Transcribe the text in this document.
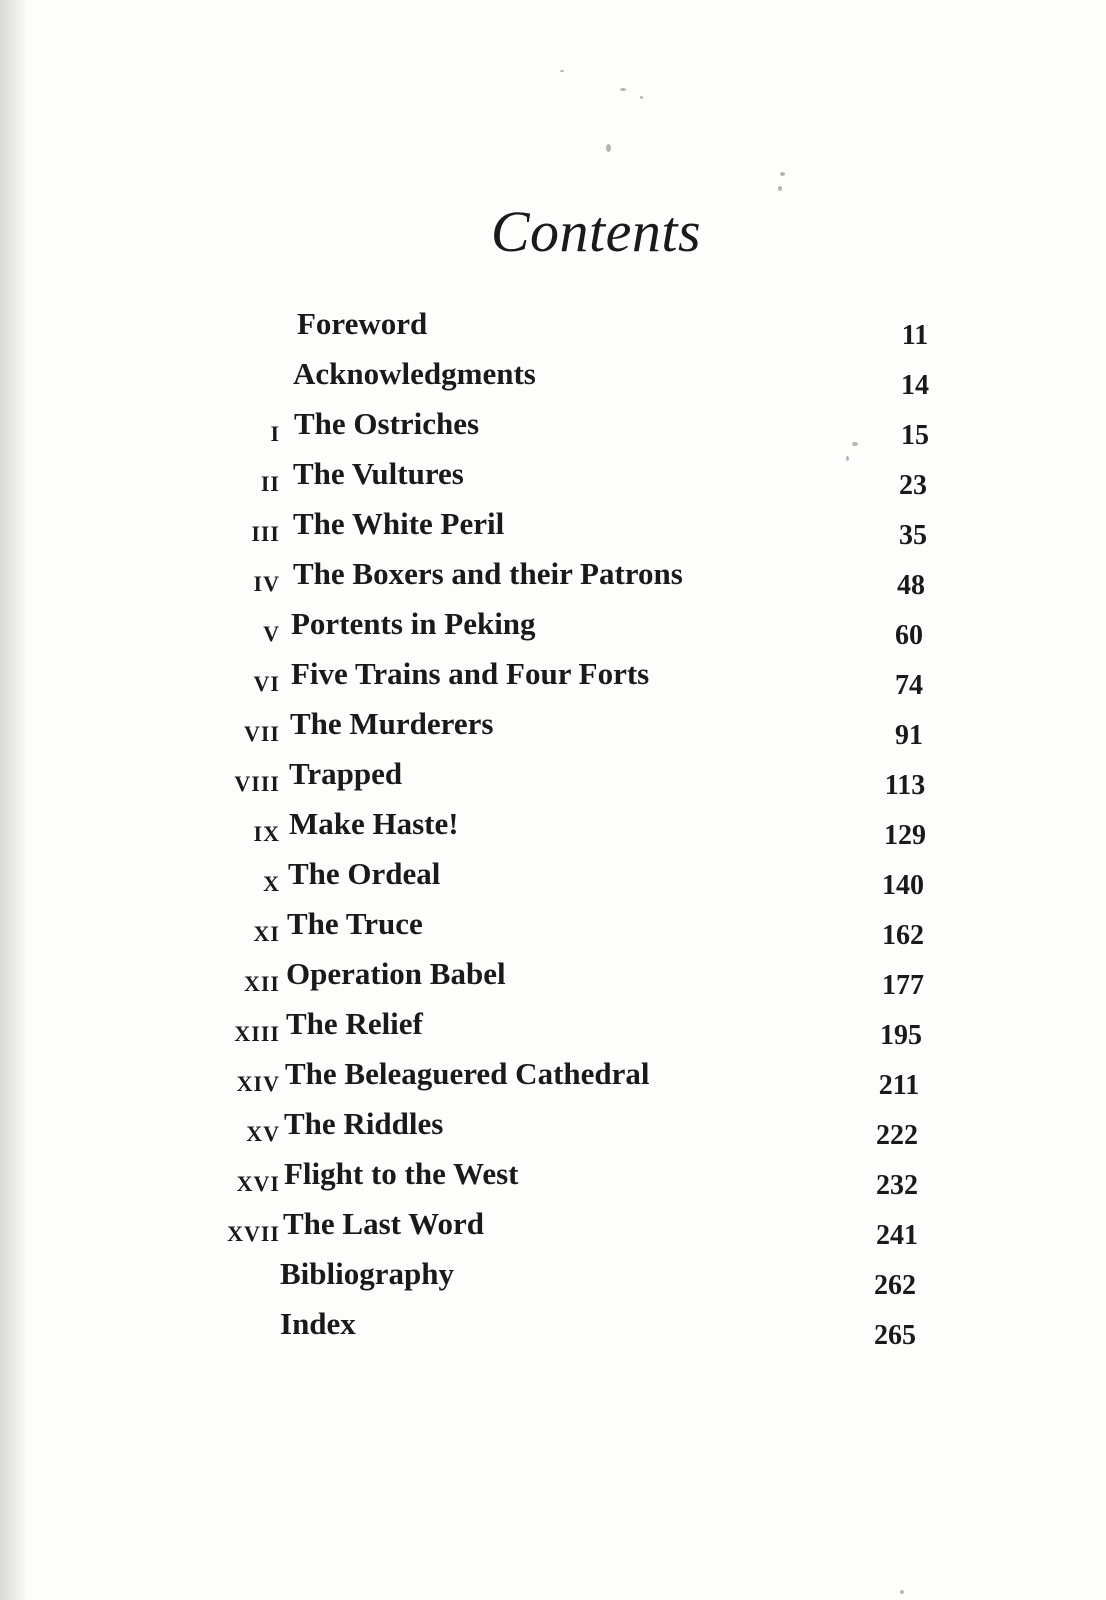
Contents
Foreword	11
Acknowledgments	14
i The Ostriches	15
ii The Vultures	23
iii The White Peril	35
iv The Boxers and their Patrons	48
v Portents in Peking	60
vi Five Trains and Four Forts	74
vii The Murderers	91
viii Trapped	113
ix Make Haste!	129
x The Ordeal	140
xi The Truce	162
xii Operation Babel	177
xiii The Relief	195
xiv The Beleaguered Cathedral	211
xv The Riddles	222
xvi Flight to the West	232
xvii The Last Word	241
Bibliography	262
Index	265
